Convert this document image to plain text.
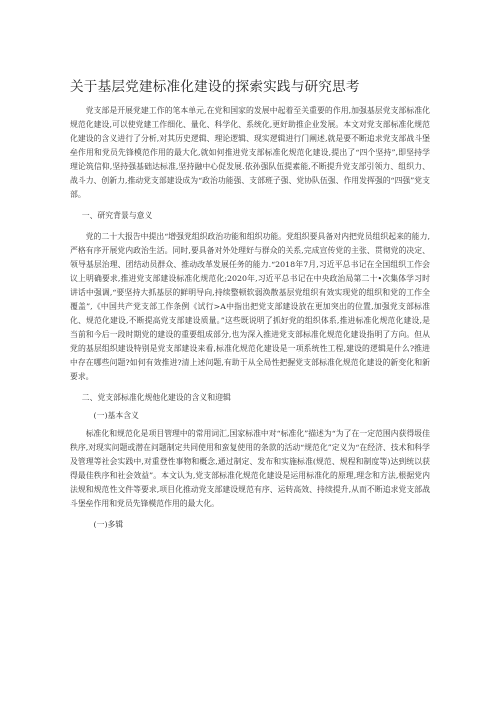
关于基层党建标准化建设的探索实践与研究思考

党支部是开展党建工作的笔本单元,在党和国家的发展中起着至关重要的作用,加强基层党支部标准化规范化建设,可以使党建工作细化、量化、科学化、系统化,更好助推企业发展。本文对党支部标准化规范化建设的含义进行了分析,对其历史逻辑、理论逻辑、现实逻辑进行门阐述,就是要不断追求党支部战斗堡垒作用和党员先锋模范作用的最大化,就如何推进党支部标准化规范化建设,提出了“四个坚持”,即坚持学理论筑信仰,坚持强基础达标准,坚持融中心促发展.依孙强队伍提素能,不断提升党支部引领力、组织力、战斗力、创新力,推动党支部建设成为“政治功能强、支部班子强、党协队伍强、作用发挥强的“四强”党支部。

一、研究背景与意义

党的二十大报告中提出“增强党组织政治功能和组织功能。党组织要具备对内把党员组织起来的能力,严格有序开展党内政治生活。同时,要具备对外处理好与群众的关系,完成宣传党的主张、贯彻党的决定、领导基层治理、团结动员群众、推动改革发展任务的能力.“2018年7月,习近平总书记在全国组织工作会议上明确要求,推进党支部建设标准化规范化;2020年,习近平总书记在中央政治局第二十•次集体学习时讲话中强调,“要坚持大抓基层的鲜明导向,持续整顿软弱涣散基层党组织有效实现党的组织和党的工作全覆盖”,《中国共产党支部工作条例《试行>A中指出把党支部建设放在更加突出的位置,加强党支部标准化、规范化建设,不断提高党支部建设质量。”这些既说明了抓好党的组织体系,推进标准化规范化建设,是当前和今后一段时期党的建设的重要组成部分,也为深入推进党支部标准化规范化建设指明了方向。但从党的基层组织建设特别是党支部建设来看,标准化规范化建设是一项系统性工程,建设的逻辑是什么?推进中存在哪些问题?如何有效推进?清上述问题,有助于从全局性把握党支部标准化规范化建设的新变化和新要求。

二、党支部标准化规他化建设的含义和迎辑
(一)基本含义

标准化和规范化是项目管理中的常用词汇,国家标准中对“标准化”描述为“为了在一定范围内获得圾佳秩序,对现实问题或潜在问题制定共同使用和蛮复使用的条款的活动“规范化”定义为“在经济、技术和科学及管理等社会实践中,对重登性事物和概念,通过制定、发布和实施标准(规范、规程和制度等)达到统以获得最佳秩序和社会效益”。本文认为,党支部标准化规范化建设是运用标准化的原理,理念和方法,根据党内法规和规范性文件等要求,项目化推动党支部建设规范有序、运转高效、持续提升,从而不断追求党支部战斗堡垒作用和党员先锋模范作用的最大化。

(一)多辑
